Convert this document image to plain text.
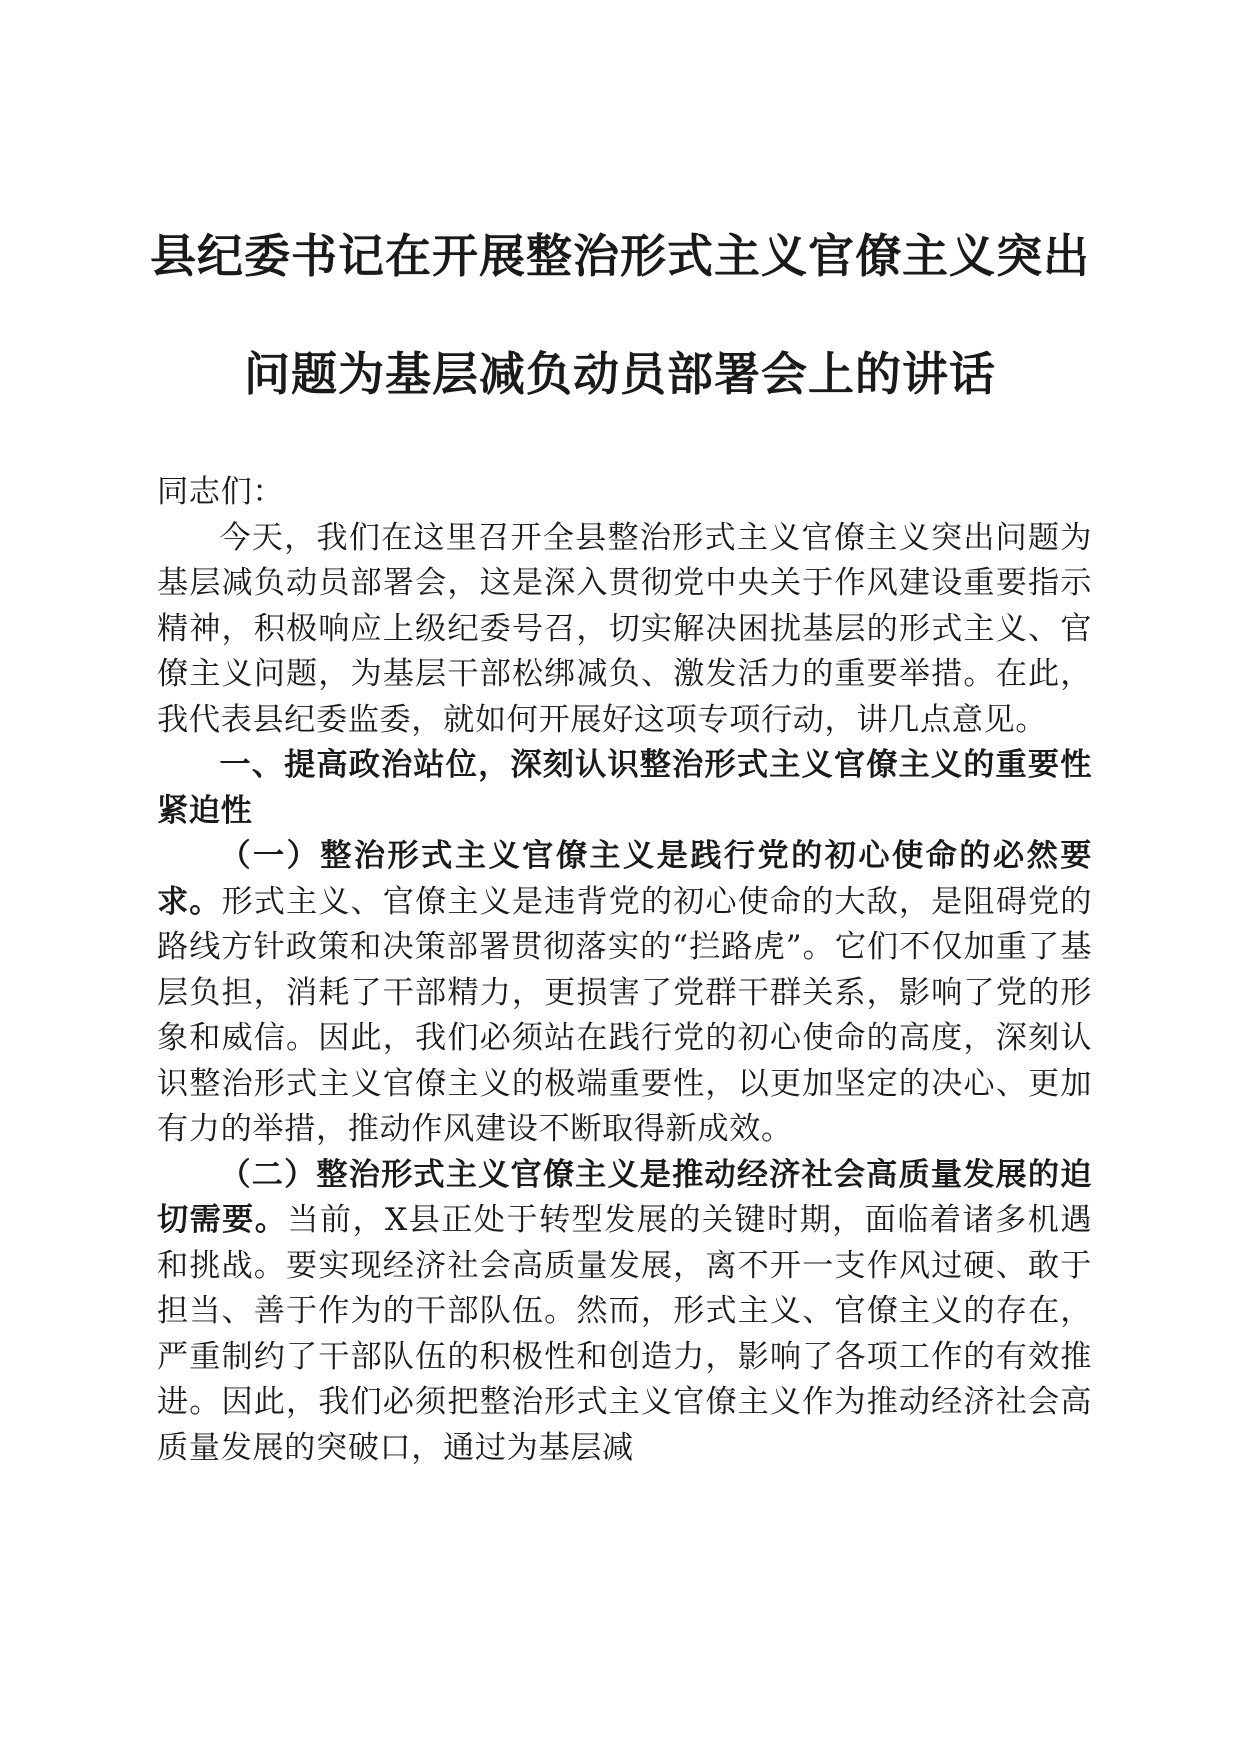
县纪委书记在开展整治形式主义官僚主义突出
问题为基层减负动员部署会上的讲话

同志们：

今天，我们在这里召开全县整治形式主义官僚主义突出问题为基层减负动员部署会，这是深入贯彻党中央关于作风建设重要指示精神，积极响应上级纪委号召，切实解决困扰基层的形式主义、官僚主义问题，为基层干部松绑减负、激发活力的重要举措。在此，我代表县纪委监委，就如何开展好这项专项行动，讲几点意见。

一、提高政治站位，深刻认识整治形式主义官僚主义的重要性紧迫性

（一）整治形式主义官僚主义是践行党的初心使命的必然要求。形式主义、官僚主义是违背党的初心使命的大敌，是阻碍党的路线方针政策和决策部署贯彻落实的“拦路虎”。它们不仅加重了基层负担，消耗了干部精力，更损害了党群干群关系，影响了党的形象和威信。因此，我们必须站在践行党的初心使命的高度，深刻认识整治形式主义官僚主义的极端重要性，以更加坚定的决心、更加有力的举措，推动作风建设不断取得新成效。

（二）整治形式主义官僚主义是推动经济社会高质量发展的迫切需要。当前，X县正处于转型发展的关键时期，面临着诸多机遇和挑战。要实现经济社会高质量发展，离不开一支作风过硬、敢于担当、善于作为的干部队伍。然而，形式主义、官僚主义的存在，严重制约了干部队伍的积极性和创造力，影响了各项工作的有效推进。因此，我们必须把整治形式主义官僚主义作为推动经济社会高质量发展的突破口，通过为基层减
